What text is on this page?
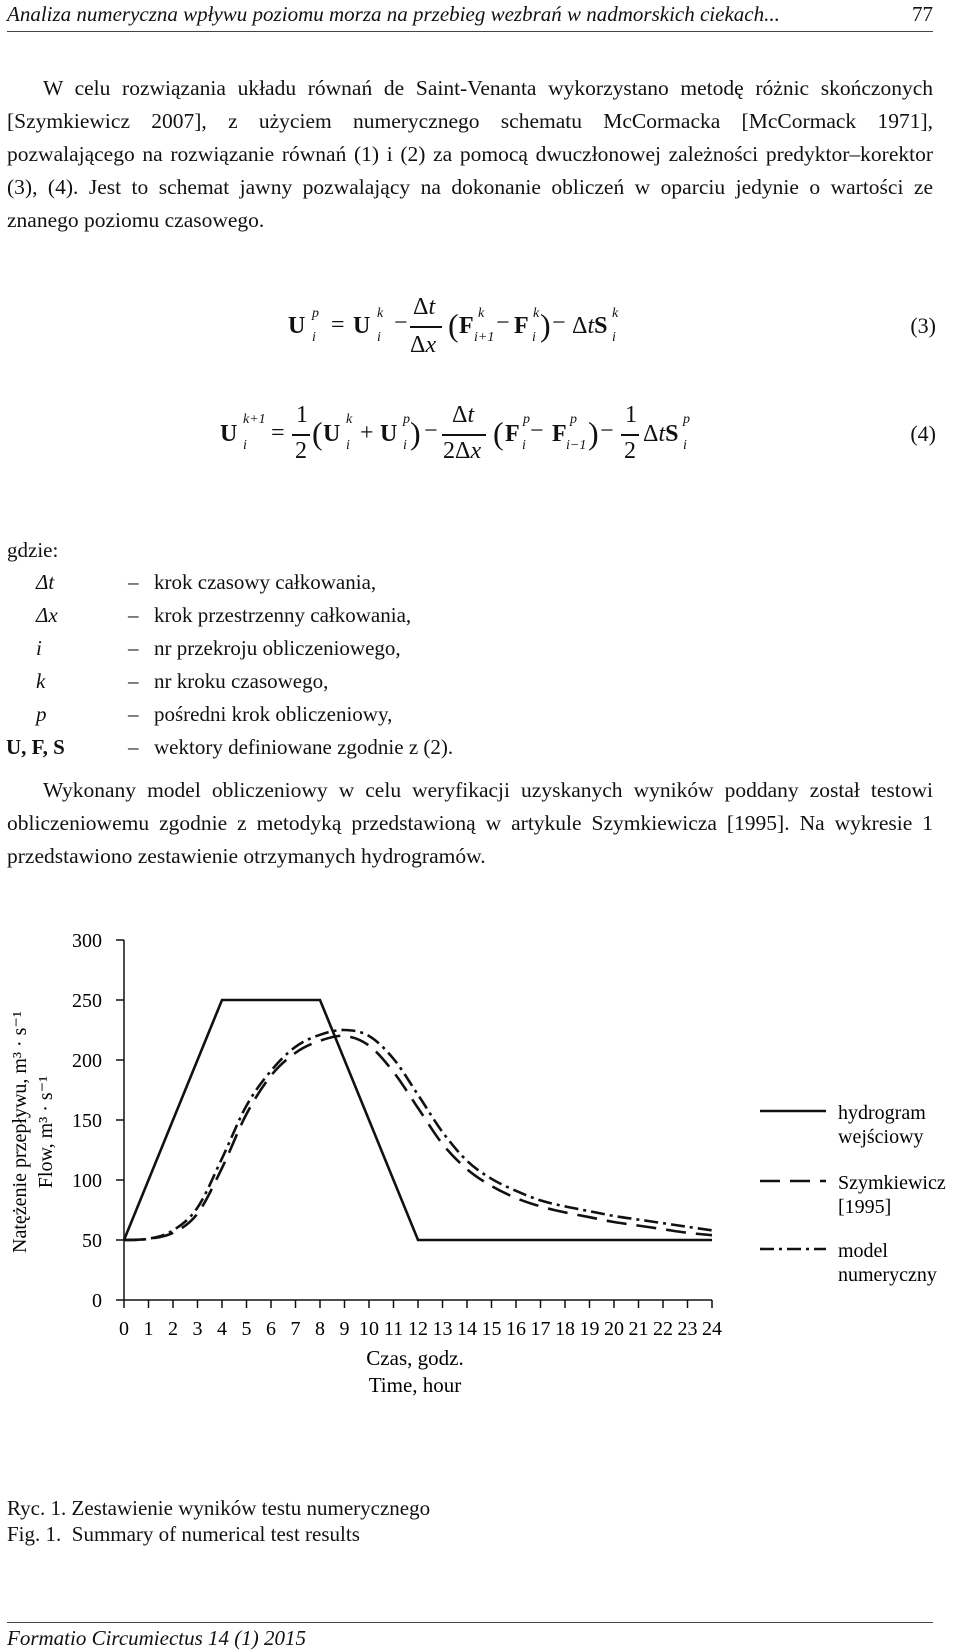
Analiza numeryczna wpływu poziomu morza na przebieg wezbrań w nadmorskich ciekach...	77
W celu rozwiązania układu równań de Saint-Venanta wykorzystano metodę różnic skończonych [Szymkiewicz 2007], z użyciem numerycznego schematu McCormacka [McCormack 1971], pozwalającego na rozwiązanie równań (1) i (2) za pomocą dwuczłonowej zależności predyktor–korektor (3), (4). Jest to schemat jawny pozwalający na dokonanie obliczeń w oparciu jedynie o wartości ze znanego poziomu czasowego.
U p
i = U k
i
−
Δt
Δx
( F k
i+1
− F k
i ) − ΔtS k
i	(3)
U
k+1
i =
1
2 ( U
k
i + U
p
i ) −
Δt
2Δx ( F
p
i
− F
p
i−1 ) −
1
2
ΔtS
p
i	(4)
gdzie:
Δt	– krok czasowy całkowania,
Δx	– krok przestrzenny całkowania,
i	– nr przekroju obliczeniowego,
k	– nr kroku czasowego,
p	– pośredni krok obliczeniowy,
U, F, S	– wektory definiowane zgodnie z (2).
Wykonany model obliczeniowy w celu weryfikacji uzyskanych wyników poddany został testowi obliczeniowemu zgodnie z metodyką przedstawioną w artykule Szymkiewicza [1995]. Na wykresie 1 przedstawiono zestawienie otrzymanych hydrogramów.
0
50
100
150
200
250
300
0 1 2 3 4 5 6 7 8 9 10 11 12 13 14 15 16 17 18 19 20 21 22 23 24
Natężenie przepływu, m³ · s⁻¹ Flow, m³ · s⁻¹
Czas, godz.
Time, hour
hydrogram
wejściowy
Szymkiewicz
[1995]
model
numeryczny
Ryc. 1. Zestawienie wyników testu numerycznego
Fig. 1.  Summary of numerical test results
Formatio Circumiectus 14 (1) 2015
